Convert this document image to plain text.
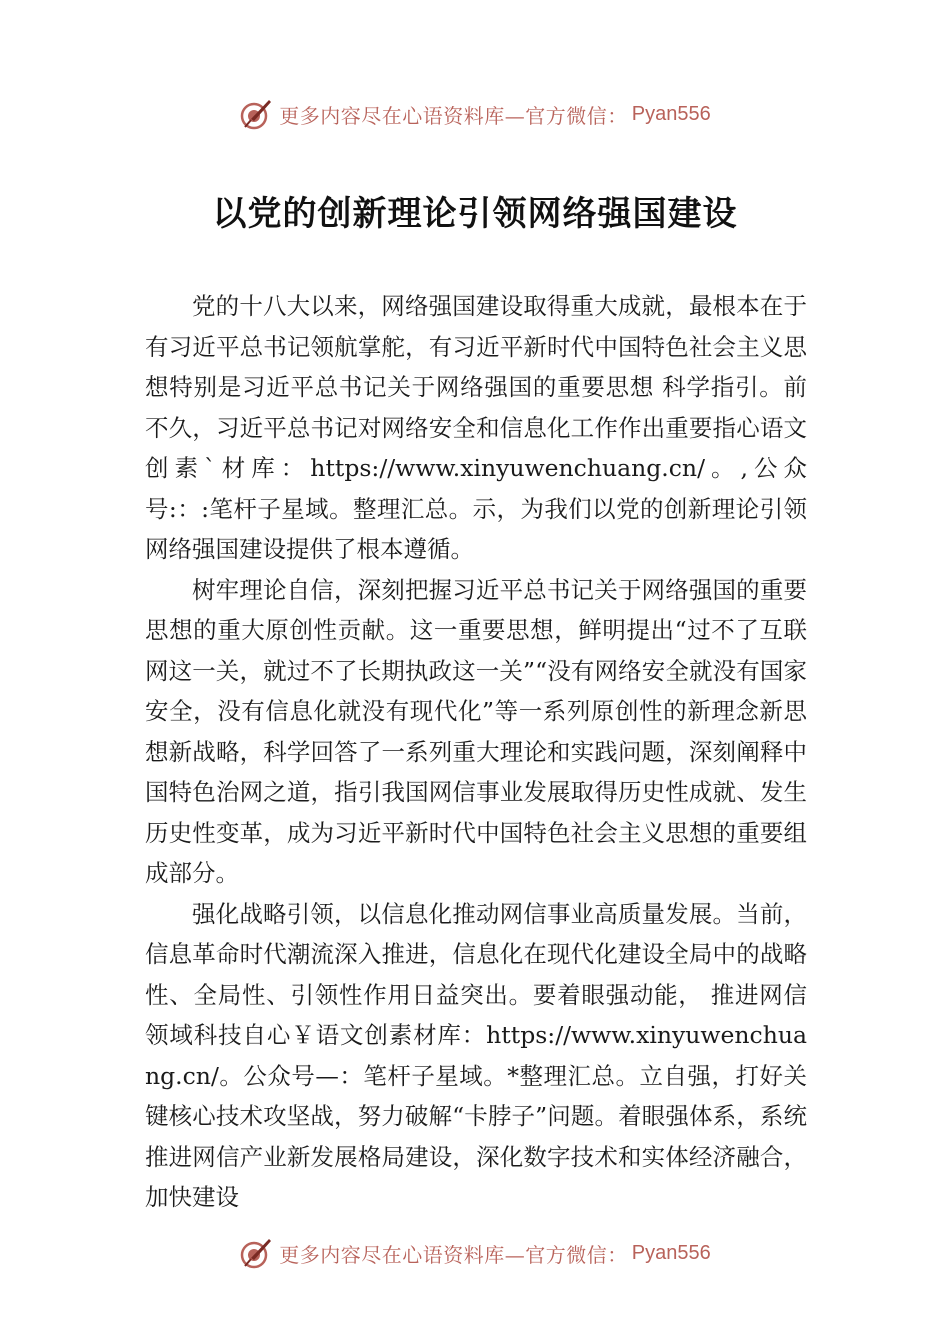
更多内容尽在心语资料库—官方微信： Pyan556
以党的创新理论引领网络强国建设

党的十八大以来，网络强国建设取得重大成就，最根本在于有习近平总书记领航掌舵，有习近平新时代中国特色社会主义思想特别是习近平总书记关于网络强国的重要思想 科学指引。前不久，习近平总书记对网络安全和信息化工作作出重要指心语文创素`材库：https://www.xinyuwenchuang.cn/。,公众号:：:笔杆子星域。整理汇总。示，为我们以党的创新理论引领网络强国建设提供了根本遵循。

树牢理论自信，深刻把握习近平总书记关于网络强国的重要思想的重大原创性贡献。这一重要思想，鲜明提出“过不了互联网这一关，就过不了长期执政这一关”“没有网络安全就没有国家安全，没有信息化就没有现代化”等一系列原创性的新理念新思想新战略，科学回答了一系列重大理论和实践问题，深刻阐释中国特色治网之道，指引我国网信事业发展取得历史性成就、发生历史性变革，成为习近平新时代中国特色社会主义思想的重要组成部分。

强化战略引领，以信息化推动网信事业高质量发展。当前，信息革命时代潮流深入推进，信息化在现代化建设全局中的战略性、全局性、引领性作用日益突出。要着眼强动能， 推进网信领域科技自心￥语文创素材库：https://www.xinyuwenchuang.cn/。公众号—：笔杆子星域。*整理汇总。立自强，打好关键核心技术攻坚战，努力破解“卡脖子”问题。着眼强体系，系统推进网信产业新发展格局建设，深化数字技术和实体经济融合，加快建设

更多内容尽在心语资料库—官方微信： Pyan556
